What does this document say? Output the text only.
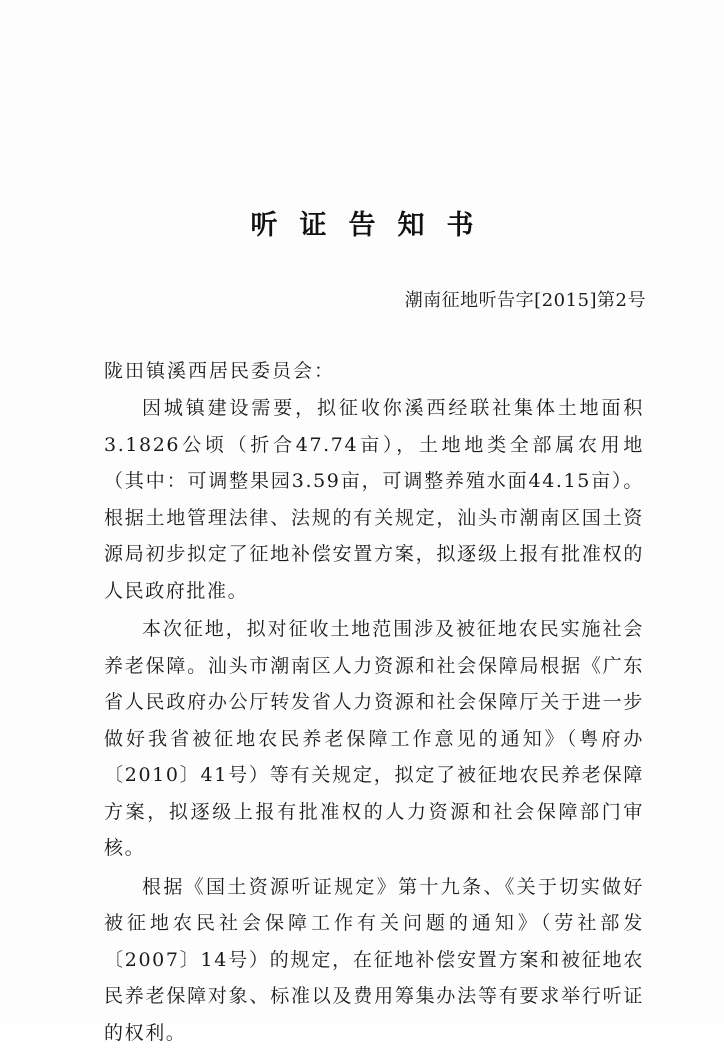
听证告知书
潮南征地听告字[2015]第2号
陇田镇溪西居民委员会：

因城镇建设需要，拟征收你溪西经联社集体土地面积3.1826公顷（折合47.74亩），土地地类全部属农用地（其中：可调整果园3.59亩，可调整养殖水面44.15亩）。根据土地管理法律、法规的有关规定，汕头市潮南区国土资源局初步拟定了征地补偿安置方案，拟逐级上报有批准权的人民政府批准。

本次征地，拟对征收土地范围涉及被征地农民实施社会养老保障。汕头市潮南区人力资源和社会保障局根据《广东省人民政府办公厅转发省人力资源和社会保障厅关于进一步做好我省被征地农民养老保障工作意见的通知》（粤府办〔2010〕41号）等有关规定，拟定了被征地农民养老保障方案，拟逐级上报有批准权的人力资源和社会保障部门审核。

根据《国土资源听证规定》第十九条、《关于切实做好被征地农民社会保障工作有关问题的通知》（劳社部发〔2007〕14号）的规定，在征地补偿安置方案和被征地农民养老保障对象、标准以及费用筹集办法等有要求举行听证的权利。
